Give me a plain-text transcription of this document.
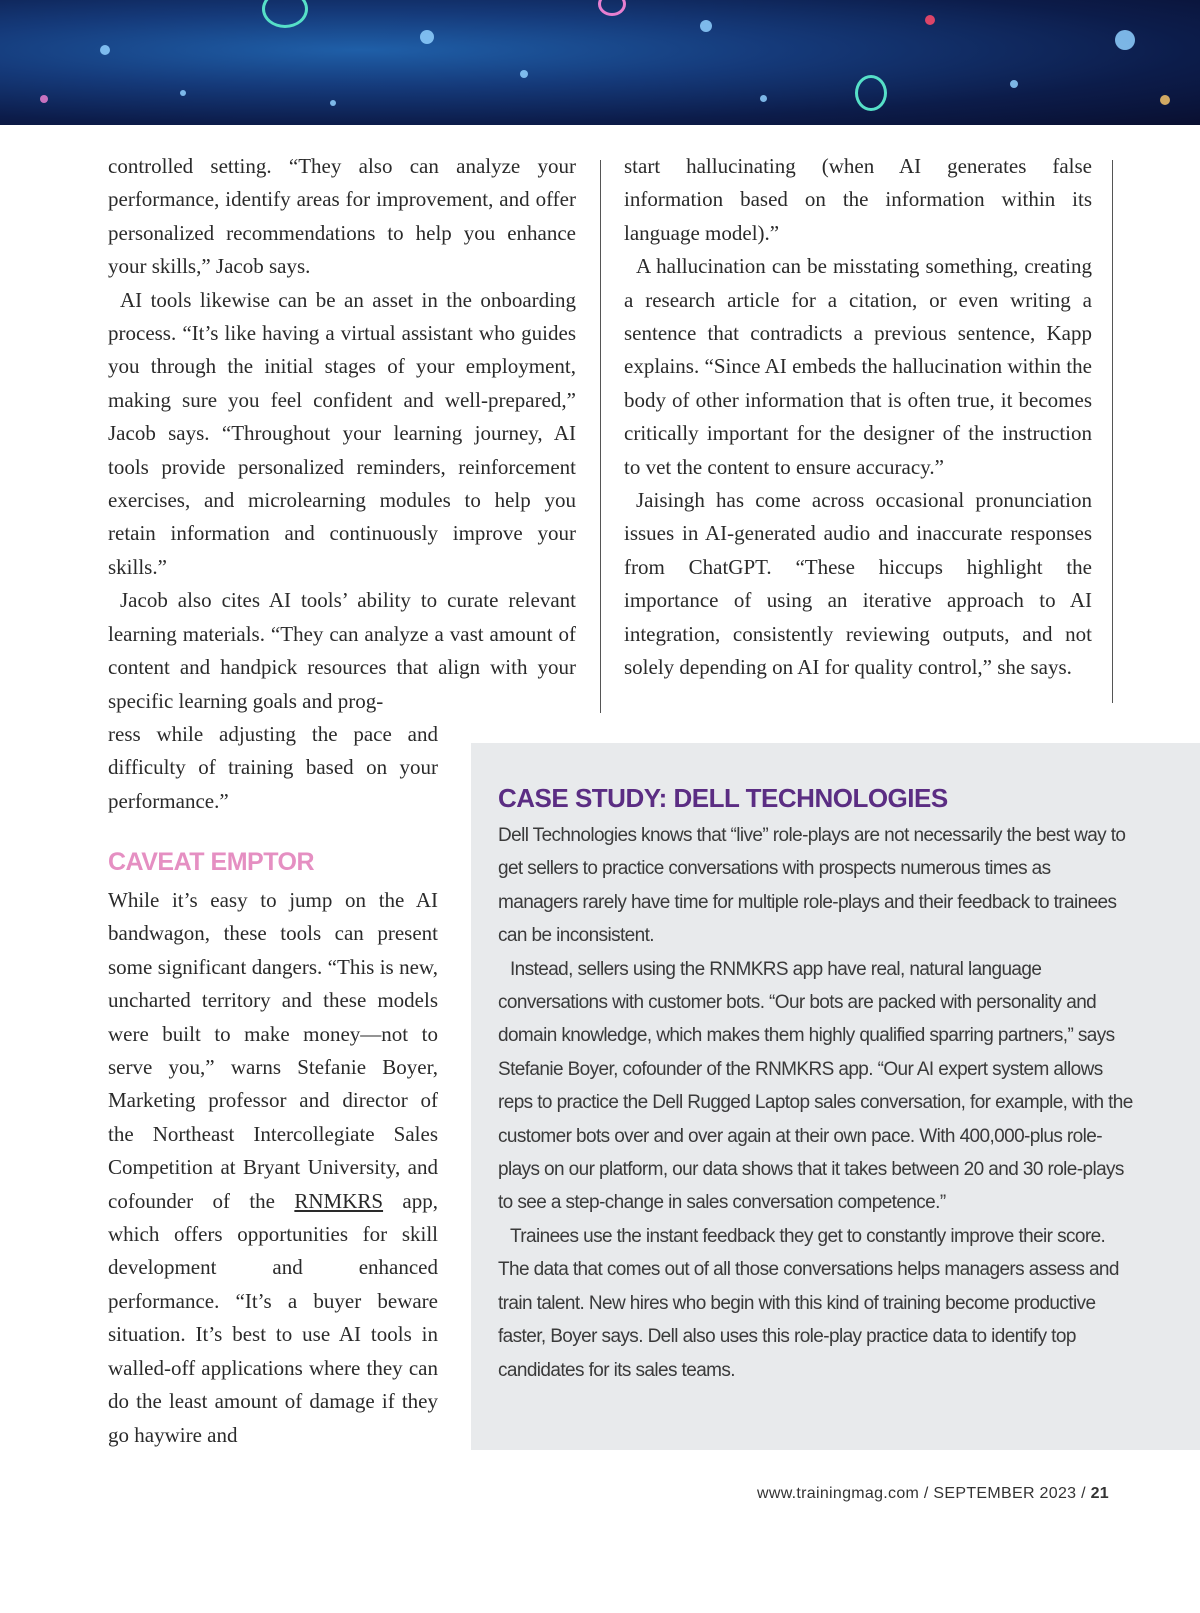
controlled setting. “They also can analyze your performance, identify areas for improvement, and offer personalized recommendations to help you enhance your skills,” Jacob says.

AI tools likewise can be an asset in the onboarding process. “It’s like having a virtual assistant who guides you through the initial stages of your employment, making sure you feel confident and well-prepared,” Jacob says. “Throughout your learning journey, AI tools provide personalized reminders, reinforcement exercises, and microlearning modules to help you retain information and continuously improve your skills.”

Jacob also cites AI tools’ ability to curate relevant learning materials. “They can analyze a vast amount of content and handpick resources that align with your specific learning goals and prog-

ress while adjusting the pace and difficulty of training based on your performance.”

CAVEAT EMPTOR

While it’s easy to jump on the AI bandwagon, these tools can present some significant dangers. “This is new, uncharted territory and these models were built to make money—not to serve you,” warns Stefanie Boyer, Marketing professor and director of the Northeast Intercollegiate Sales Competition at Bryant University, and cofounder of the RNMKRS app, which offers opportunities for skill development and enhanced performance. “It’s a buyer beware situation. It’s best to use AI tools in walled-off applications where they can do the least amount of damage if they go haywire and

start hallucinating (when AI generates false information based on the information within its language model).”

A hallucination can be misstating something, creating a research article for a citation, or even writing a sentence that contradicts a previous sentence, Kapp explains. “Since AI embeds the hallucination within the body of other information that is often true, it becomes critically important for the designer of the instruction to vet the content to ensure accuracy.”

Jaisingh has come across occasional pronunciation issues in AI-generated audio and inaccurate responses from ChatGPT. “These hiccups highlight the importance of using an iterative approach to AI integration, consistently reviewing outputs, and not solely depending on AI for quality control,” she says.

CASE STUDY: DELL TECHNOLOGIES

Dell Technologies knows that “live” role-plays are not necessarily the best way to get sellers to practice conversations with prospects numerous times as managers rarely have time for multiple role-plays and their feedback to trainees can be inconsistent.

Instead, sellers using the RNMKRS app have real, natural language conversations with customer bots. “Our bots are packed with personality and domain knowledge, which makes them highly qualified sparring partners,” says Stefanie Boyer, cofounder of the RNMKRS app. “Our AI expert system allows reps to practice the Dell Rugged Laptop sales conversation, for example, with the customer bots over and over again at their own pace. With 400,000-plus role-plays on our platform, our data shows that it takes between 20 and 30 role-plays to see a step-change in sales conversation competence.”

Trainees use the instant feedback they get to constantly improve their score. The data that comes out of all those conversations helps managers assess and train talent. New hires who begin with this kind of training become productive faster, Boyer says. Dell also uses this role-play practice data to identify top candidates for its sales teams.

www.trainingmag.com / SEPTEMBER 2023 / 21
